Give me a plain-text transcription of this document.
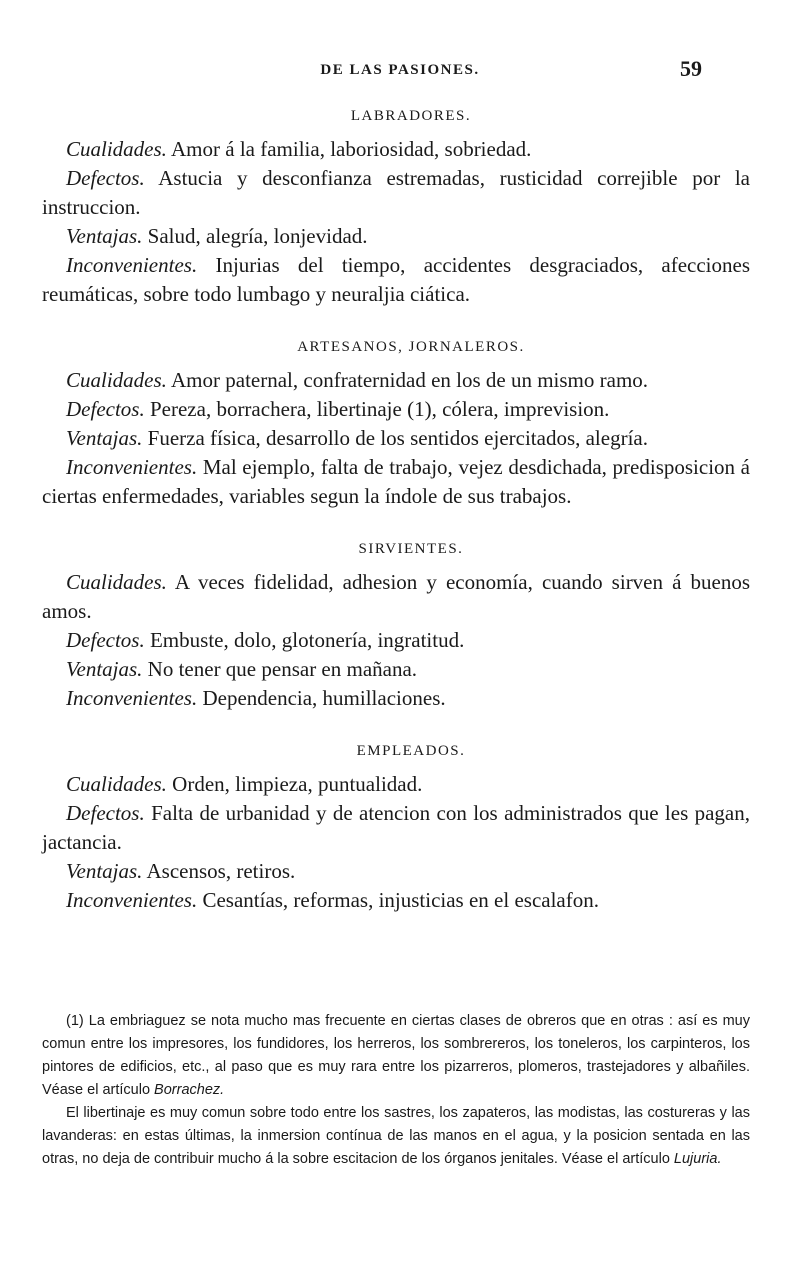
DE LAS PASIONES.	59
LABRADORES.

Cualidades. Amor á la familia, laboriosidad, sobriedad.

Defectos. Astucia y desconfianza estremadas, rusticidad correjible por la instruccion.

Ventajas. Salud, alegría, lonjevidad.

Inconvenientes. Injurias del tiempo, accidentes desgraciados, afecciones reumáticas, sobre todo lumbago y neuraljia ciática.

ARTESANOS, JORNALEROS.

Cualidades. Amor paternal, confraternidad en los de un mismo ramo.

Defectos. Pereza, borrachera, libertinaje (1), cólera, imprevision.

Ventajas. Fuerza física, desarrollo de los sentidos ejercitados, alegría.

Inconvenientes. Mal ejemplo, falta de trabajo, vejez desdichada, predisposicion á ciertas enfermedades, variables segun la índole de sus trabajos.

SIRVIENTES.

Cualidades. A veces fidelidad, adhesion y economía, cuando sirven á buenos amos.

Defectos. Embuste, dolo, glotonería, ingratitud.

Ventajas. No tener que pensar en mañana.

Inconvenientes. Dependencia, humillaciones.

EMPLEADOS.

Cualidades. Orden, limpieza, puntualidad.

Defectos. Falta de urbanidad y de atencion con los administrados que les pagan, jactancia.

Ventajas. Ascensos, retiros.

Inconvenientes. Cesantías, reformas, injusticias en el escalafon.

(1) La embriaguez se nota mucho mas frecuente en ciertas clases de obreros que en otras : así es muy comun entre los impresores, los fundidores, los herreros, los sombrereros, los toneleros, los carpinteros, los pintores de edificios, etc., al paso que es muy rara entre los pizarreros, plomeros, trastejadores y albañiles. Véase el artículo Borrachez.

El libertinaje es muy comun sobre todo entre los sastres, los zapateros, las modistas, las costureras y las lavanderas: en estas últimas, la inmersion contínua de las manos en el agua, y la posicion sentada en las otras, no deja de contribuir mucho á la sobre escitacion de los órganos jenitales. Véase el artículo Lujuria.
